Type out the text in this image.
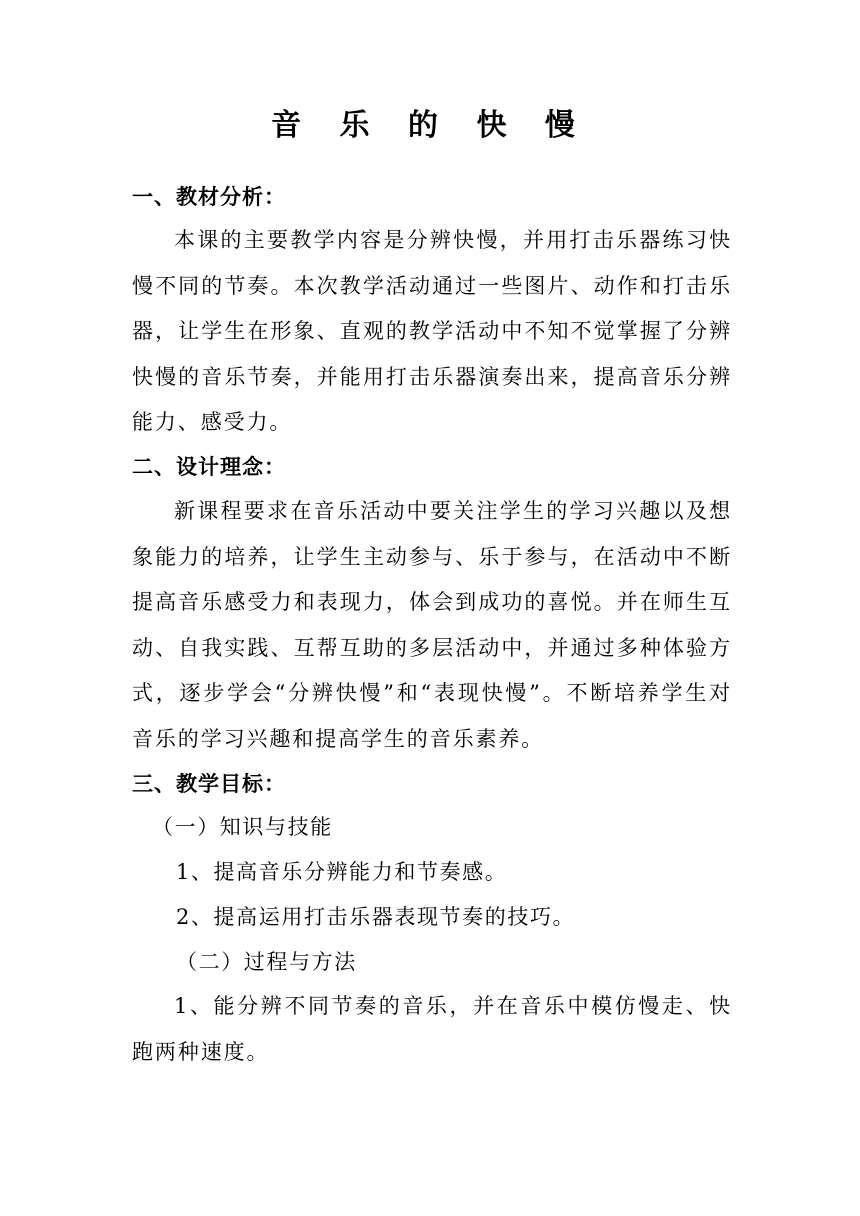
音 乐 的 快 慢
一、教材分析：

本课的主要教学内容是分辨快慢，并用打击乐器练习快慢不同的节奏。本次教学活动通过一些图片、动作和打击乐器，让学生在形象、直观的教学活动中不知不觉掌握了分辨快慢的音乐节奏，并能用打击乐器演奏出来，提高音乐分辨能力、感受力。

二、设计理念：

新课程要求在音乐活动中要关注学生的学习兴趣以及想象能力的培养，让学生主动参与、乐于参与，在活动中不断提高音乐感受力和表现力，体会到成功的喜悦。并在师生互动、自我实践、互帮互助的多层活动中，并通过多种体验方式，逐步学会“分辨快慢”和“表现快慢”。不断培养学生对音乐的学习兴趣和提高学生的音乐素养。

三、教学目标：
（一）知识与技能
1、提高音乐分辨能力和节奏感。
2、提高运用打击乐器表现节奏的技巧。
（二）过程与方法

1、能分辨不同节奏的音乐，并在音乐中模仿慢走、快跑两种速度。
